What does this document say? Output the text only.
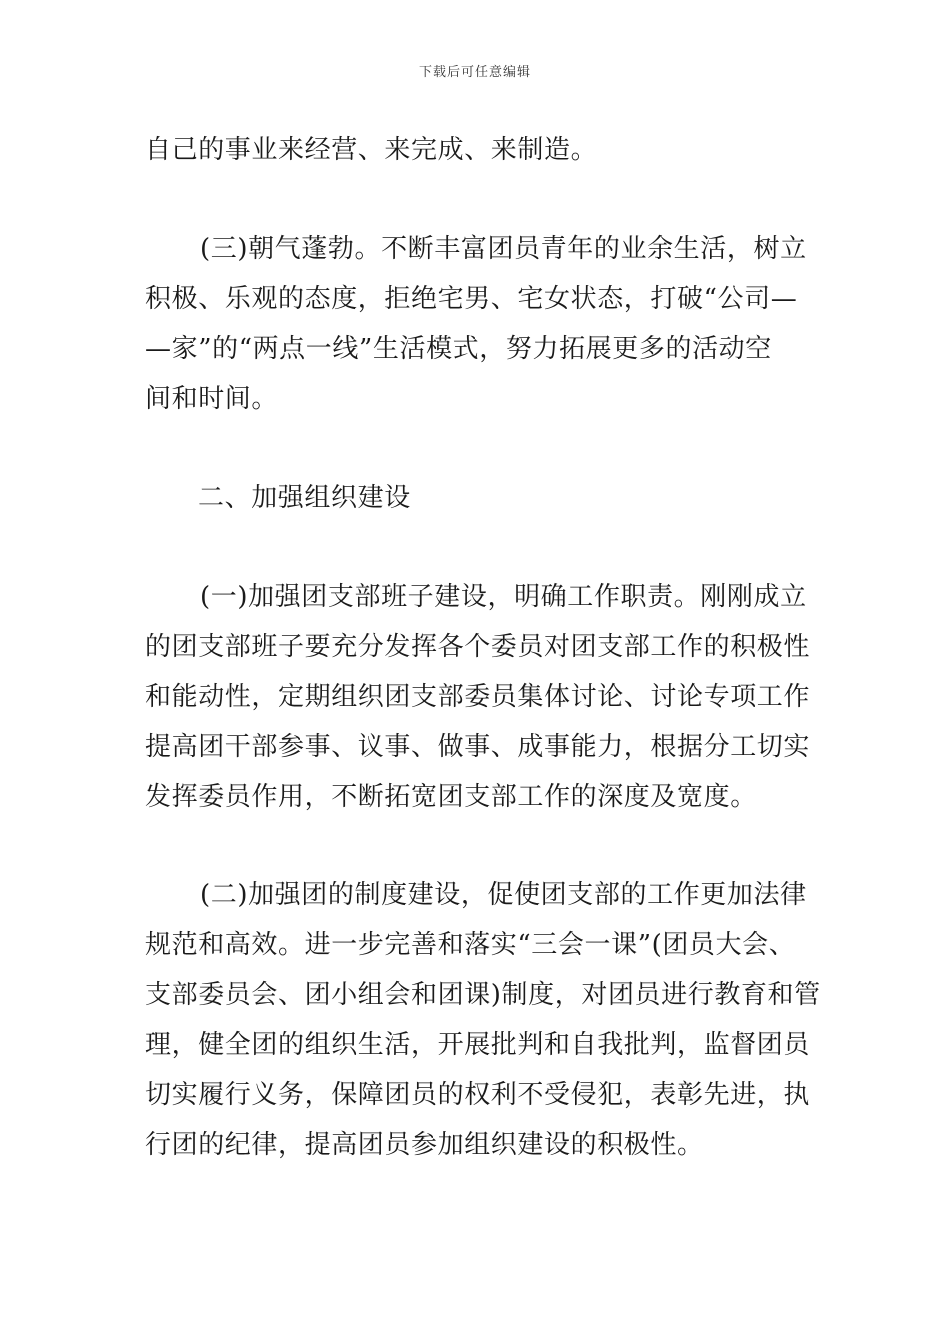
下载后可任意编辑
自己的事业来经营、来完成、来制造。
(三)朝气蓬勃。不断丰富团员青年的业余生活，树立
积极、乐观的态度，拒绝宅男、宅女状态，打破“公司—
—家”的“两点一线”生活模式，努力拓展更多的活动空
间和时间。
二、加强组织建设
(一)加强团支部班子建设，明确工作职责。刚刚成立
的团支部班子要充分发挥各个委员对团支部工作的积极性
和能动性，定期组织团支部委员集体讨论、讨论专项工作
提高团干部参事、议事、做事、成事能力，根据分工切实
发挥委员作用，不断拓宽团支部工作的深度及宽度。
(二)加强团的制度建设，促使团支部的工作更加法律
规范和高效。进一步完善和落实“三会一课”(团员大会、
支部委员会、团小组会和团课)制度，对团员进行教育和管
理，健全团的组织生活，开展批判和自我批判，监督团员
切实履行义务，保障团员的权利不受侵犯，表彰先进，执
行团的纪律，提高团员参加组织建设的积极性。
